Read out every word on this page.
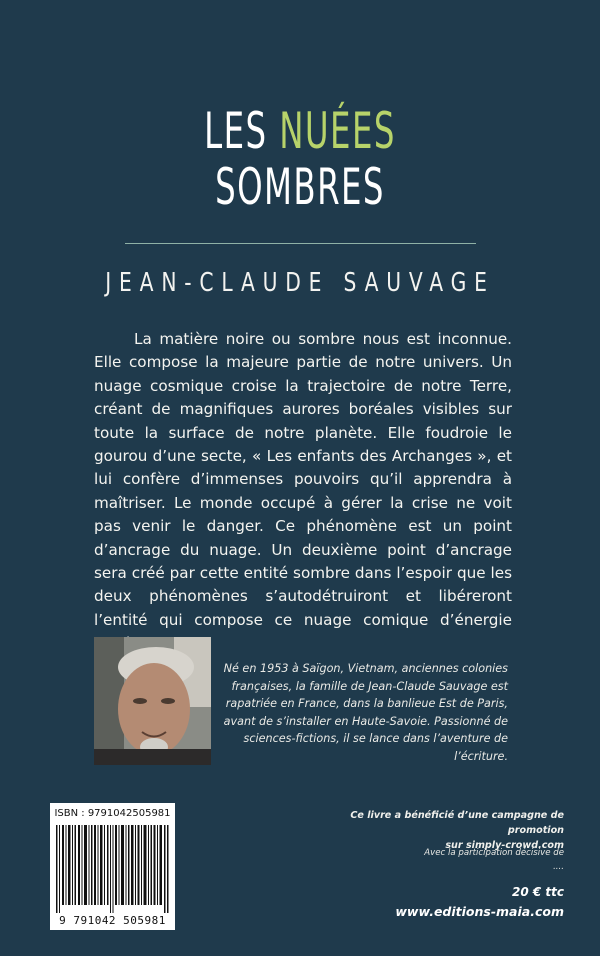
LES NUÉES
SOMBRES
JEAN-CLAUDE SAUVAGE

La matière noire ou sombre nous est inconnue. Elle compose la majeure partie de notre univers. Un nuage cosmique croise la trajectoire de notre Terre, créant de magnifiques aurores boréales visibles sur toute la surface de notre planète. Elle foudroie le gourou d’une secte, « Les enfants des Archanges », et lui confère d’immenses pouvoirs qu’il apprendra à maîtriser. Le monde occupé à gérer la crise ne voit pas venir le danger. Ce phénomène est un point d’ancrage du nuage. Un deuxième point d’ancrage sera créé par cette entité sombre dans l’espoir que les deux phénomènes s’autodétruiront et libéreront l’entité qui compose ce nuage comique d’énergie

Né en 1953 à Saïgon, Vietnam, anciennes colonies françaises, la famille de Jean-Claude Sauvage est rapatriée en France, dans la banlieue Est de Paris, avant de s’installer en Haute-Savoie. Passionné de sciences-fictions, il se lance dans l’aventure de l’écriture.

ISBN : 9791042505981
9 791042 505981
Ce livre a bénéficié d’une campagne de promotion
sur simply-crowd.com
Avec la participation décisive de
....
20 € ttc
www.editions-maia.com
